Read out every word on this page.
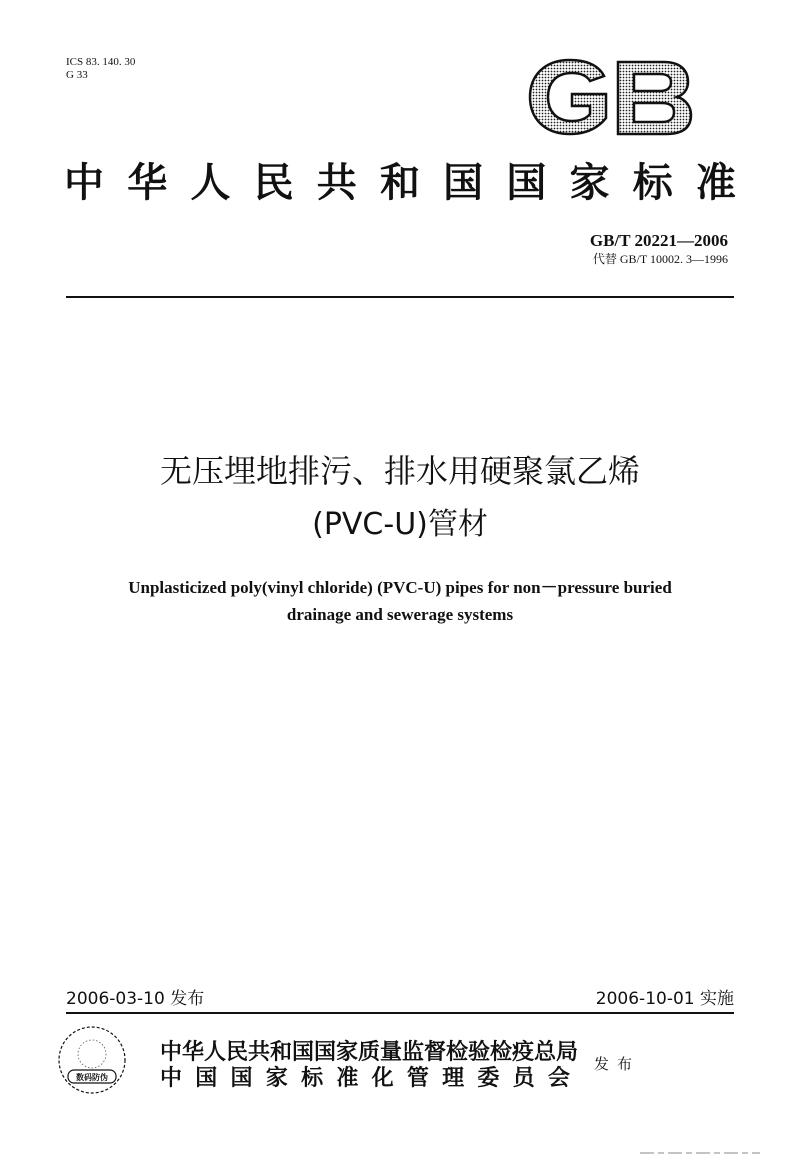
ICS 83. 140. 30
G 33
中 华 人 民 共 和 国 国 家 标 准
GB/T 20221—2006
代替 GB/T 10002. 3—1996
无压埋地排污、排水用硬聚氯乙烯
(PVC-U)管材
Unplasticized poly(vinyl chloride) (PVC-U) pipes for non－pressure buried
drainage and sewerage systems
2006-03-10 发布	2006-10-01 实施
数码防伪
中华人民共和国国家质量监督检验检疫总局
中 国 国 家 标 准 化 管 理 委 员 会
发布
